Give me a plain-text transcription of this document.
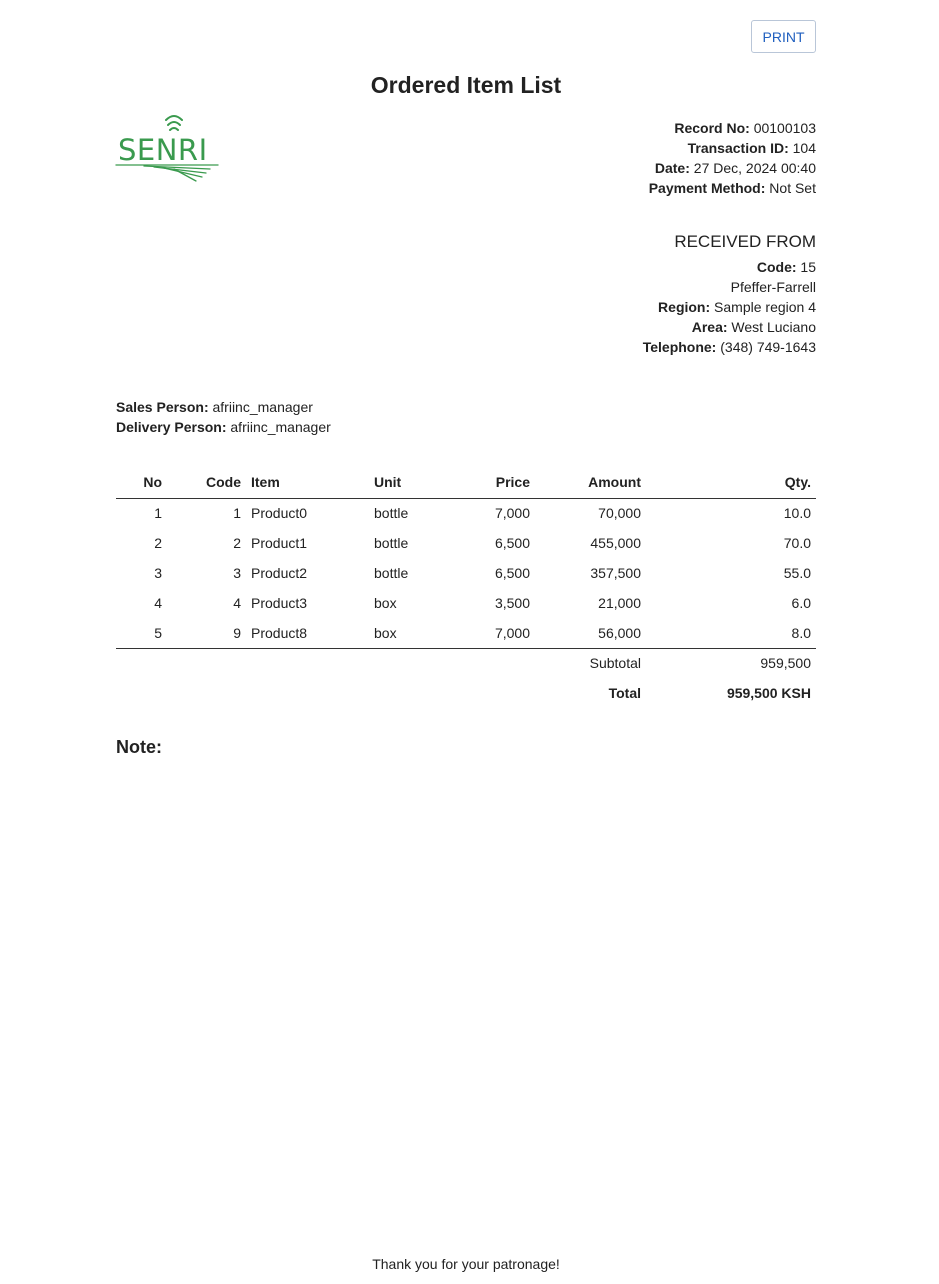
PRINT
Ordered Item List
SENRI
Record No: 00100103
Transaction ID: 104
Date: 27 Dec, 2024 00:40
Payment Method: Not Set
RECEIVED FROM
Code: 15
Pfeffer-Farrell
Region: Sample region 4
Area: West Luciano
Telephone: (348) 749-1643
Sales Person: afriinc_manager
Delivery Person: afriinc_manager
No	Code	Item	Unit	Price	Amount	Qty.
1	1	Product0	bottle	7,000	70,000	10.0
2	2	Product1	bottle	6,500	455,000	70.0
3	3	Product2	bottle	6,500	357,500	55.0
4	4	Product3	box	3,500	21,000	6.0
5	9	Product8	box	7,000	56,000	8.0
					Subtotal	959,500
					Total	959,500 KSH
Note:
Thank you for your patronage!
